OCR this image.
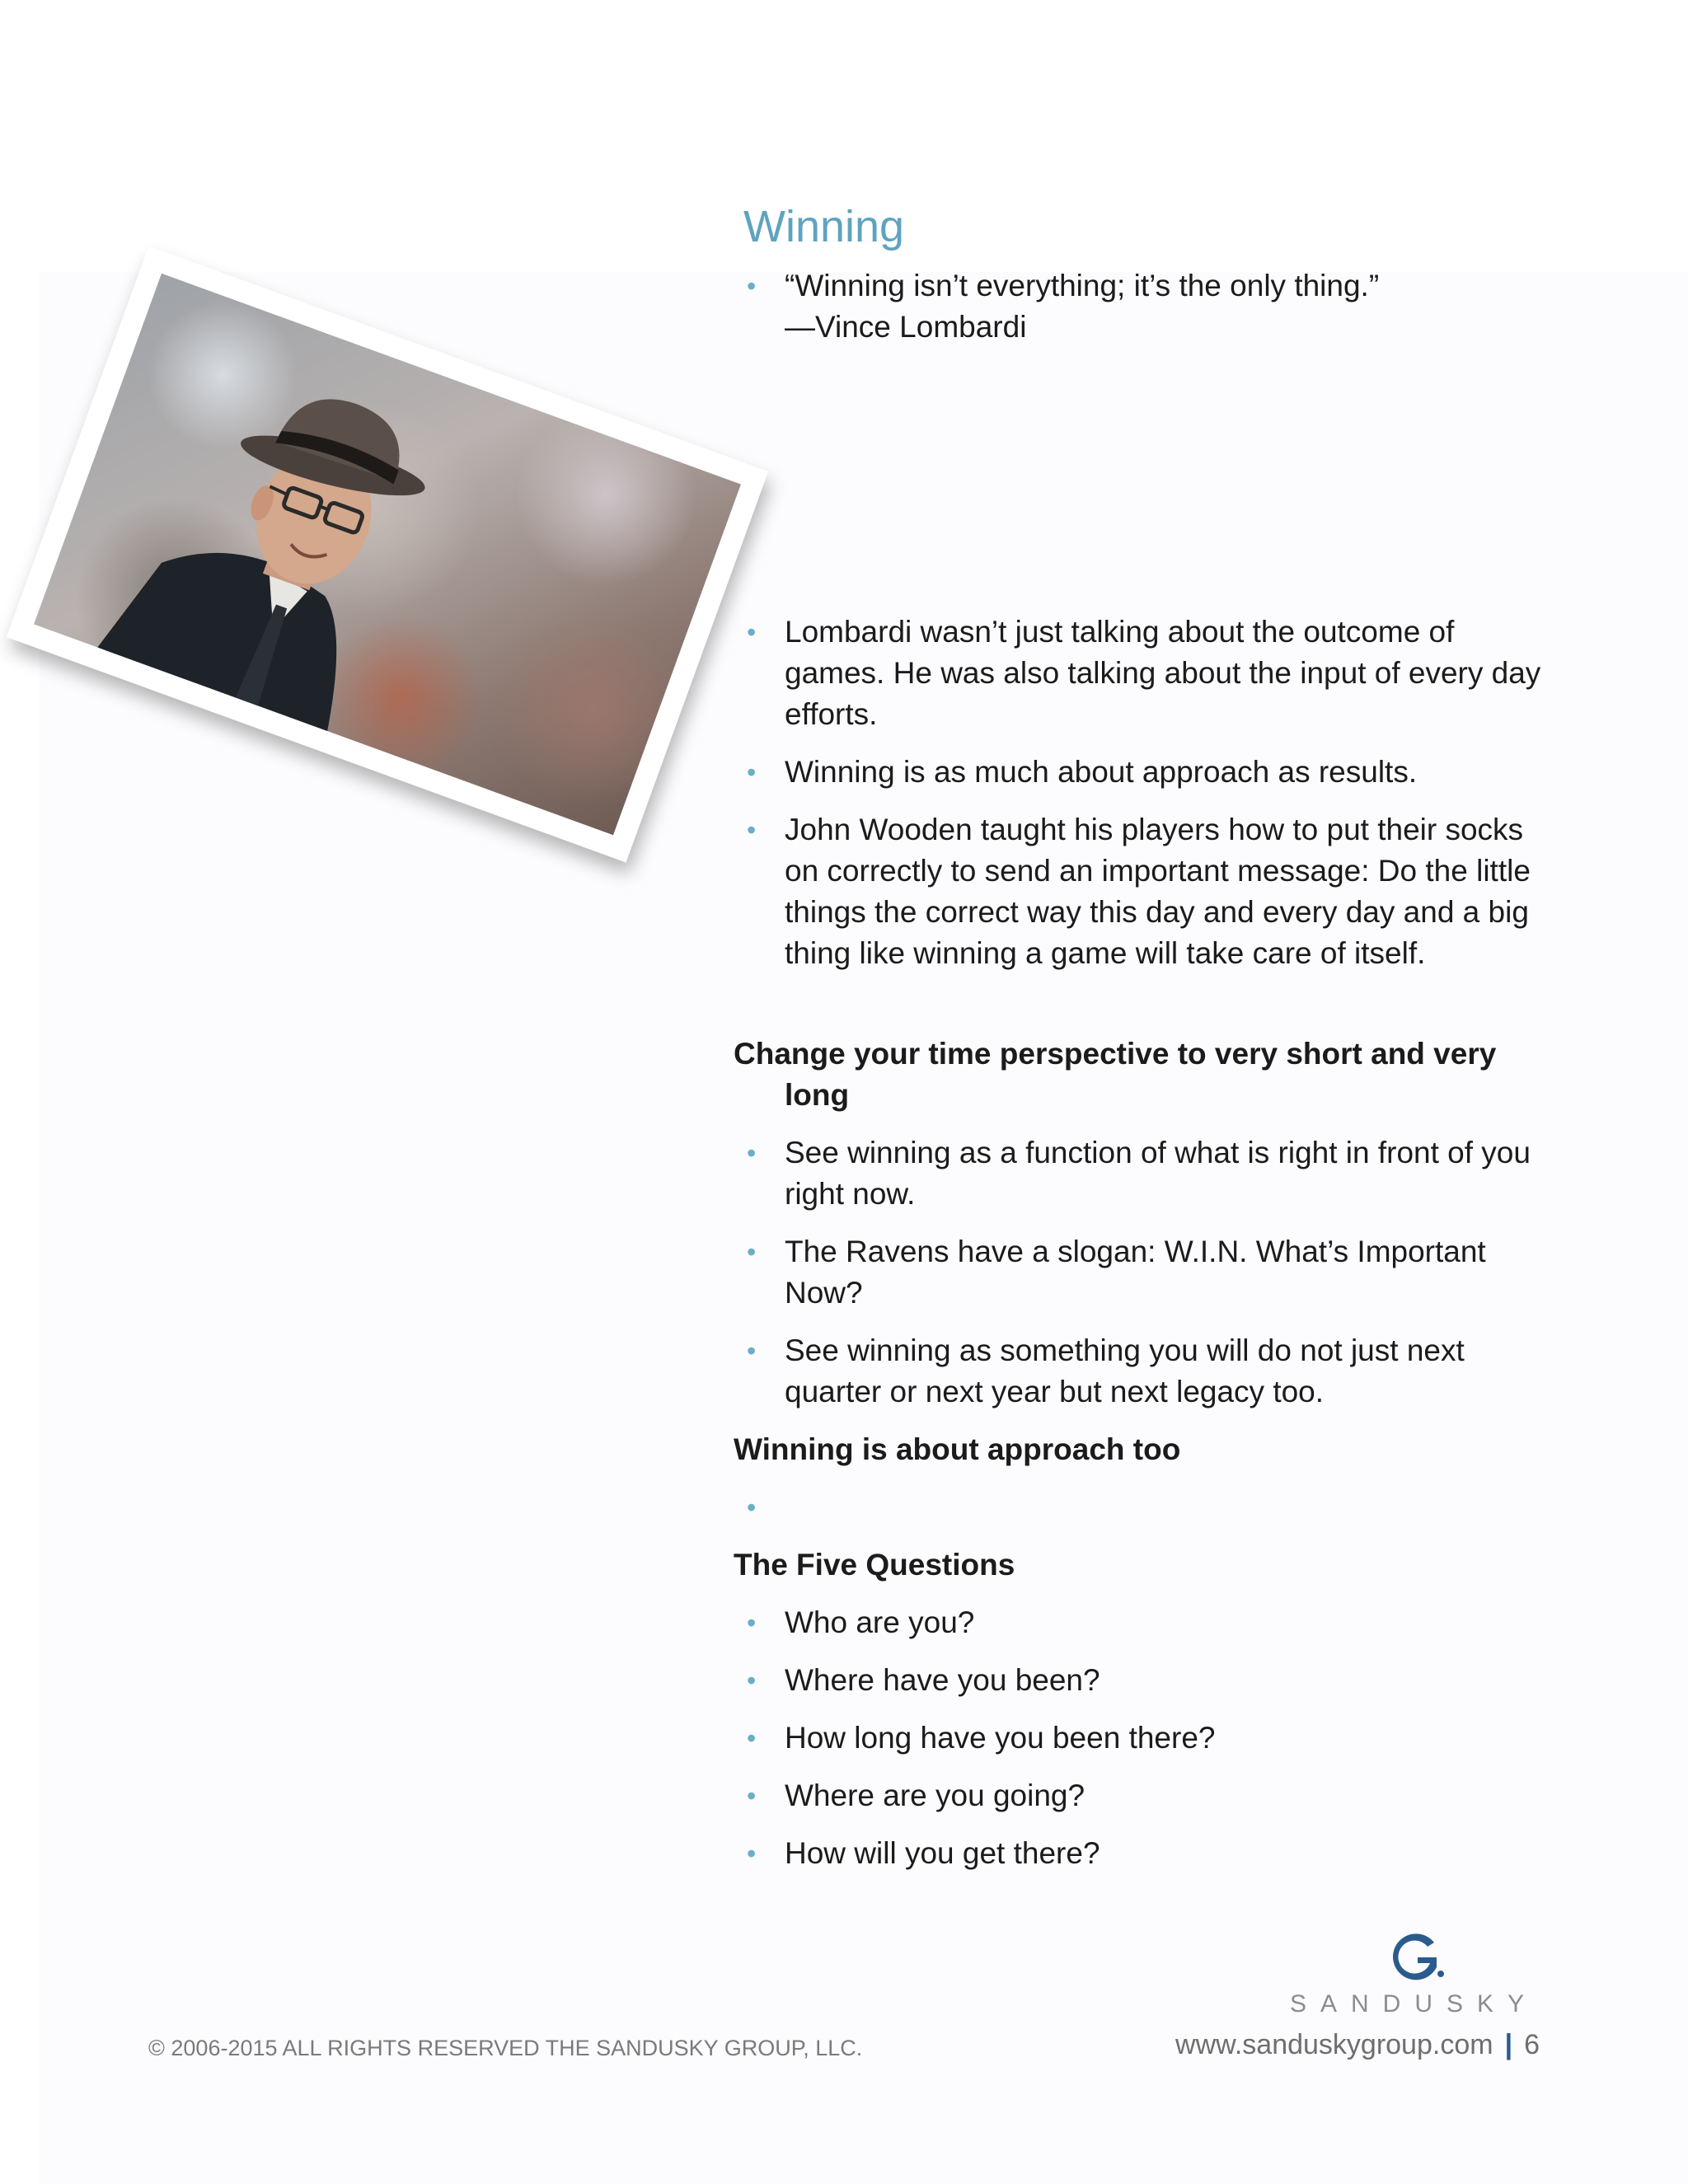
Winning
• “Winning isn’t everything; it’s the only thing.”
—Vince Lombardi
• Lombardi wasn’t just talking about the outcome of games. He was also talking about the input of every day efforts.
• Winning is as much about approach as results.
• John Wooden taught his players how to put their socks on correctly to send an important message: Do the little things the correct way this day and every day and a big thing like winning a game will take care of itself.
Change your time perspective to very short and very long
• See winning as a function of what is right in front of you right now.
• The Ravens have a slogan: W.I.N. What’s Important Now?
• See winning as something you will do not just next quarter or next year but next legacy too.
Winning is about approach too
•
The Five Questions
• Who are you?
• Where have you been?
• How long have you been there?
• Where are you going?
• How will you get there?
SANDUSKY
© 2006-2015 ALL RIGHTS RESERVED THE SANDUSKY GROUP, LLC.	www.sanduskygroup.com | 6
